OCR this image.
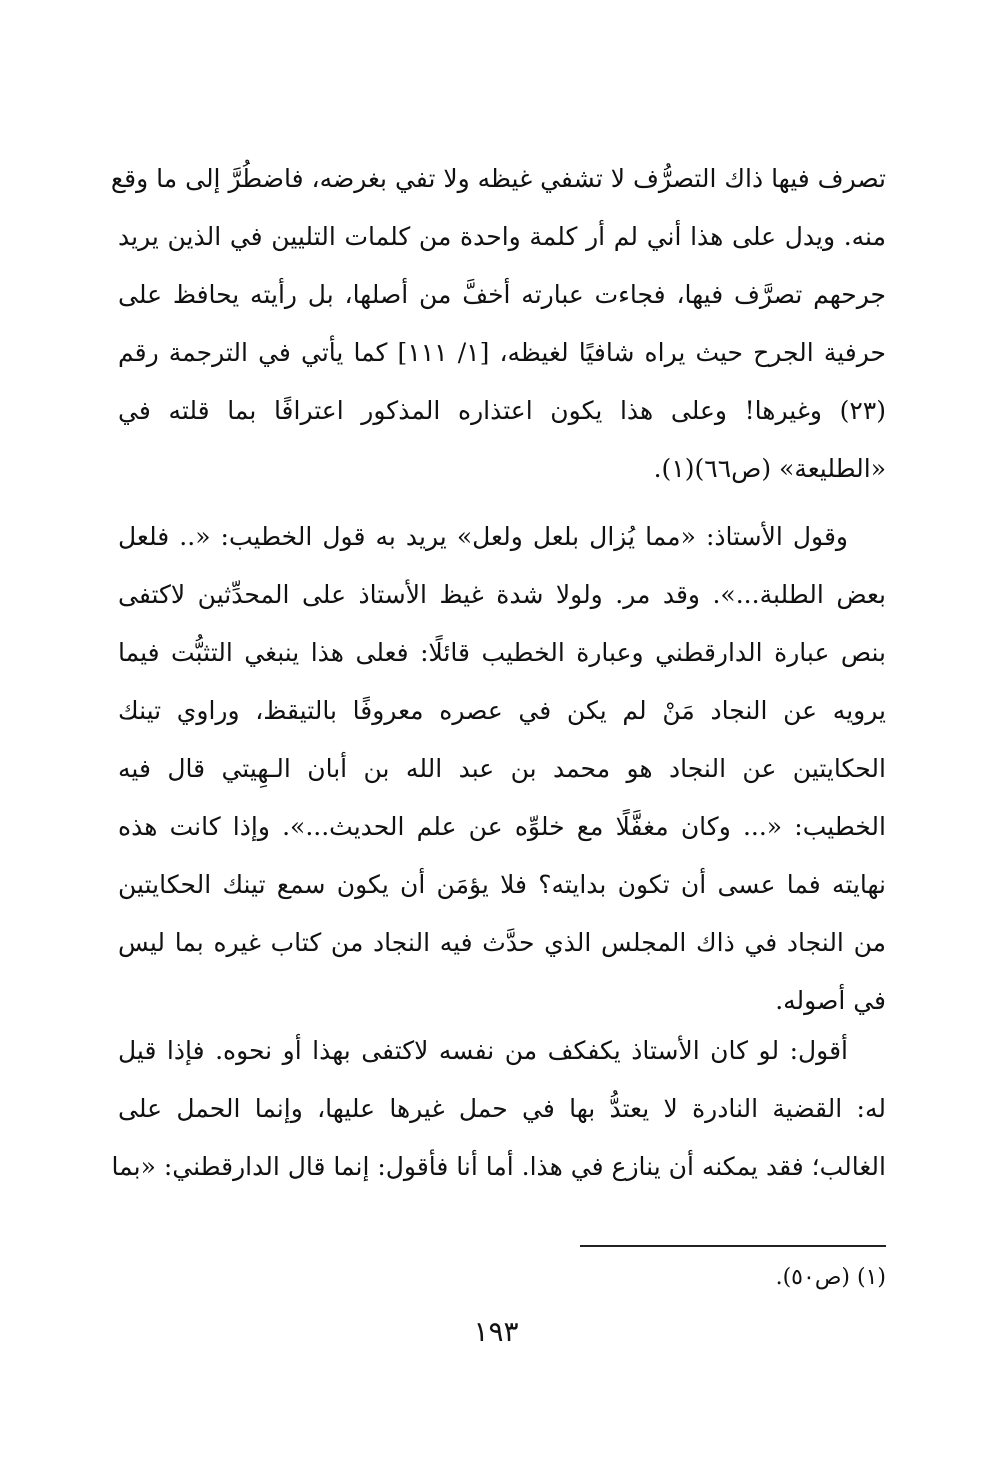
تصرف فيها ذاك التصرُّف لا تشفي غيظه ولا تفي بغرضه، فاضطُرَّ إلى ما وقع
منه. ويدل على هذا أني لم أر كلمة واحدة من كلمات التليين في الذين يريد
جرحهم تصرَّف فيها، فجاءت عبارته أخفَّ من أصلها، بل رأيته يحافظ على
حرفية الجرح حيث يراه شافيًا لغيظه، [١/ ١١١] كما يأتي في الترجمة رقم
(٢٣) وغيرها! وعلى هذا يكون اعتذاره المذكور اعترافًا بما قلته في
«الطليعة» (ص٦٦)(١).
وقول الأستاذ: «مما يُزال بلعل ولعل» يريد به قول الخطيب: «.. فلعل
بعض الطلبة...». وقد مر. ولولا شدة غيظ الأستاذ على المحدِّثين لاكتفى
بنص عبارة الدارقطني وعبارة الخطيب قائلًا: فعلى هذا ينبغي التثبُّت فيما
يرويه عن النجاد مَنْ لم يكن في عصره معروفًا بالتيقظ، وراوي تينك
الحكايتين عن النجاد هو محمد بن عبد الله بن أبان الـهِيتي قال فيه
الخطيب: «... وكان مغفَّلًا مع خلوِّه عن علم الحديث...». وإذا كانت هذه
نهايته فما عسى أن تكون بدايته؟ فلا يؤمَن أن يكون سمع تينك الحكايتين
من النجاد في ذاك المجلس الذي حدَّث فيه النجاد من كتاب غيره بما ليس
في أصوله.
أقول: لو كان الأستاذ يكفكف من نفسه لاكتفى بهذا أو نحوه. فإذا قيل
له: القضية النادرة لا يعتدُّ بها في حمل غيرها عليها، وإنما الحمل على
الغالب؛ فقد يمكنه أن ينازع في هذا. أما أنا فأقول: إنما قال الدارقطني: «بما
(١) (ص٥٠).
١٩٣
